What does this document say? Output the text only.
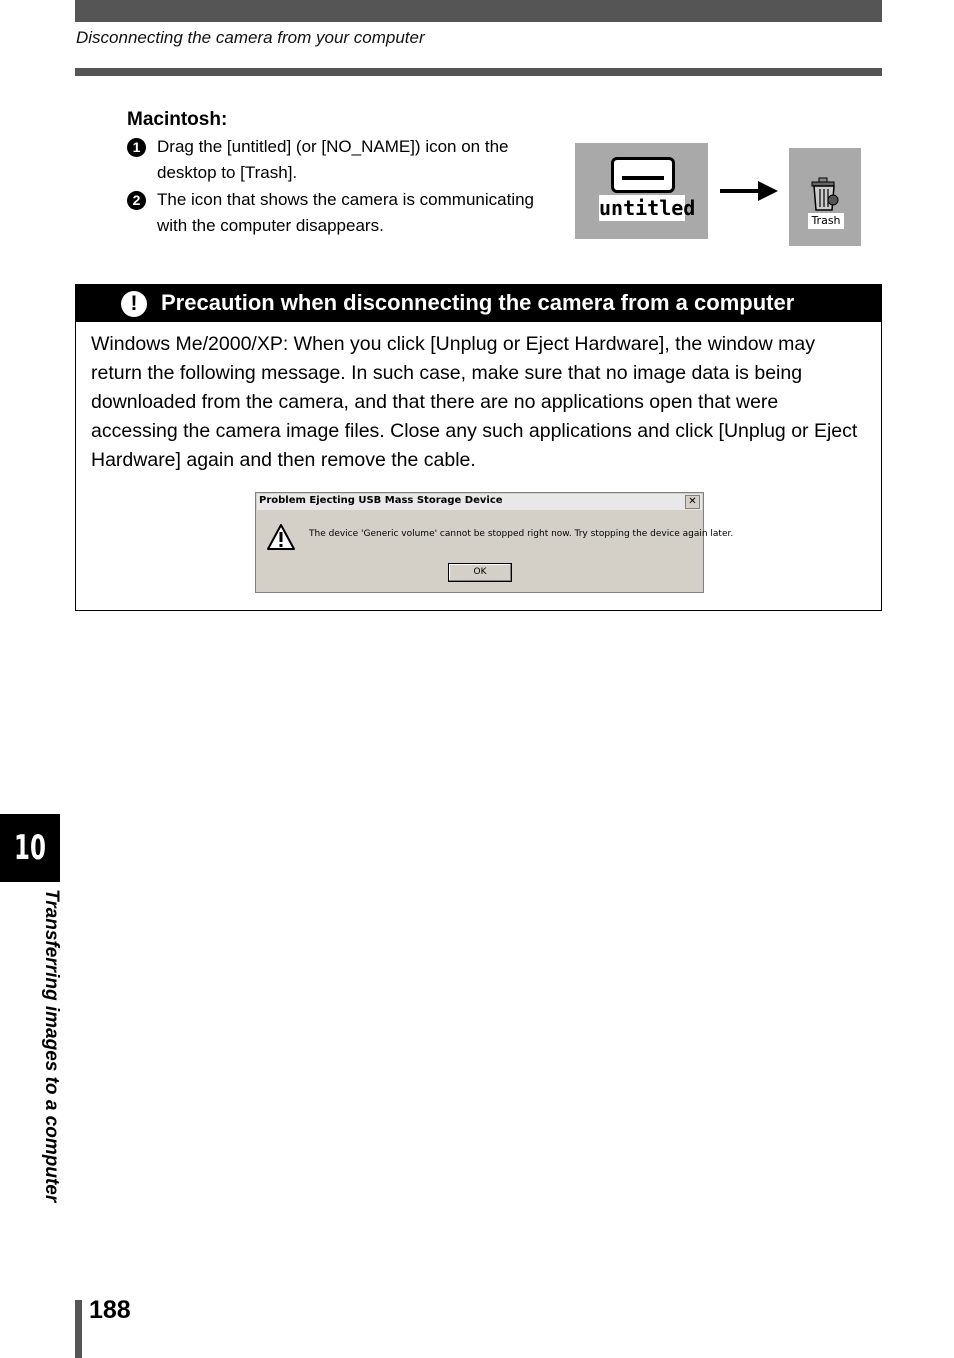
Disconnecting the camera from your computer
Macintosh:
1 Drag the [untitled] (or [NO_NAME]) icon on the desktop to [Trash].
2 The icon that shows the camera is communicating with the computer disappears.
untitled
Trash
!	Precaution when disconnecting the camera from a computer
Windows Me/2000/XP: When you click [Unplug or Eject Hardware], the window may return the following message. In such case, make sure that no image data is being downloaded from the camera, and that there are no applications open that were accessing the camera image files. Close any such applications and click [Unplug or Eject Hardware] again and then remove the cable.
Problem Ejecting USB Mass Storage Device	✕
The device 'Generic volume' cannot be stopped right now. Try stopping the device again later.
OK
10
Transferring images to a computer
188
